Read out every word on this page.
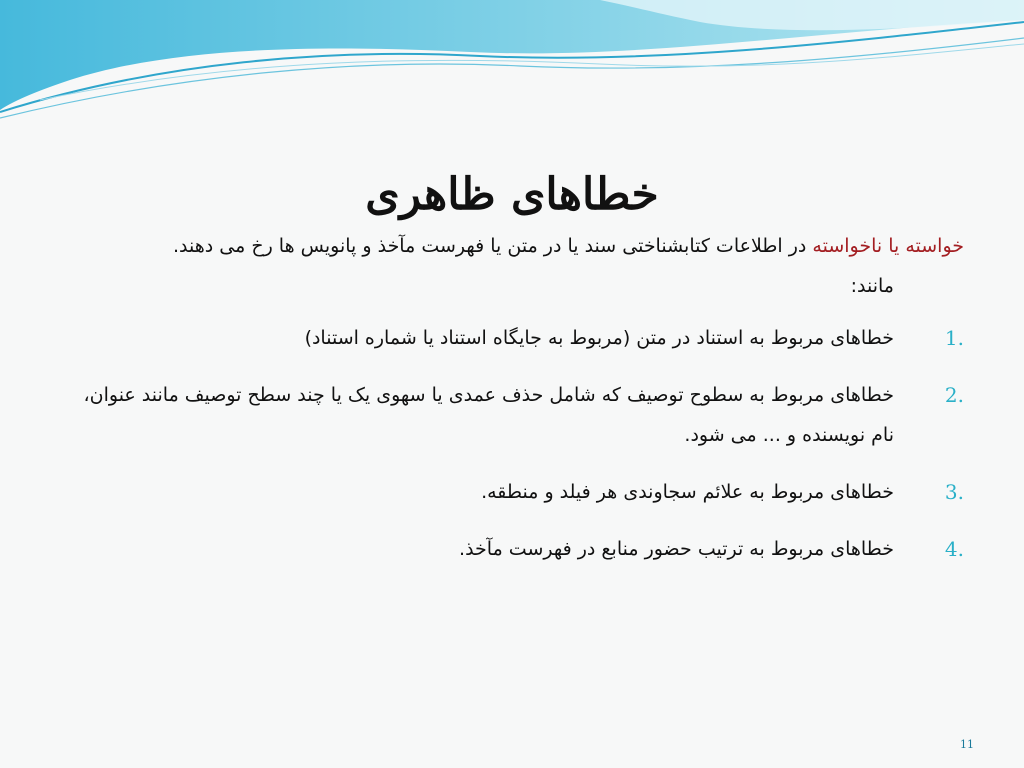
خطاهای ظاهری

خواسته یا ناخواسته در اطلاعات کتابشناختی سند یا در متن یا فهرست مآخذ و پانویس ها رخ می دهند.

مانند:

1.
خطاهای مربوط به استناد در متن (مربوط به جایگاه استناد یا شماره استناد)
2.
خطاهای مربوط به سطوح توصیف که شامل حذف عمدی یا سهوی یک یا چند سطح توصیف مانند عنوان، نام نویسنده و ... می شود.
3.
خطاهای مربوط به علائم سجاوندی هر فیلد و منطقه.
4.
خطاهای مربوط به ترتیب حضور منابع در فهرست مآخذ.
11
